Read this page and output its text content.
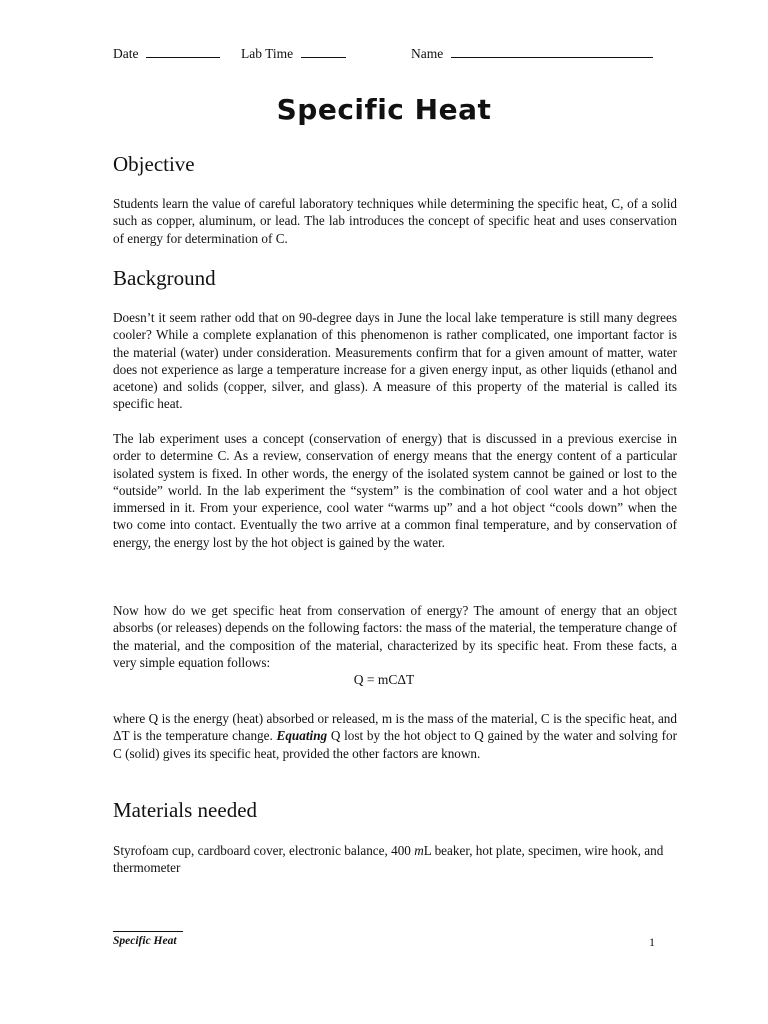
Date	Lab Time	Name
Specific Heat
Objective

Students learn the value of careful laboratory techniques while determining the specific heat, C, of a solid such as copper, aluminum, or lead. The lab introduces the concept of specific heat and uses conservation of energy for determination of C.

Background

Doesn’t it seem rather odd that on 90-degree days in June the local lake temperature is still many degrees cooler? While a complete explanation of this phenomenon is rather complicated, one important factor is the material (water) under consideration. Measurements confirm that for a given amount of matter, water does not experience as large a temperature increase for a given energy input, as other liquids (ethanol and acetone) and solids (copper, silver, and glass). A measure of this property of the material is called its specific heat.

The lab experiment uses a concept (conservation of energy) that is discussed in a previous exercise in order to determine C. As a review, conservation of energy means that the energy content of a particular isolated system is fixed. In other words, the energy of the isolated system cannot be gained or lost to the “outside” world. In the lab experiment the “system” is the combination of cool water and a hot object immersed in it. From your experience, cool water “warms up” and a hot object “cools down” when the two come into contact. Eventually the two arrive at a common final temperature, and by conservation of energy, the energy lost by the hot object is gained by the water.

Now how do we get specific heat from conservation of energy? The amount of energy that an object absorbs (or releases) depends on the following factors: the mass of the material, the temperature change of the material, and the composition of the material, characterized by its specific heat. From these facts, a very simple equation follows:

Q = mCΔT

where Q is the energy (heat) absorbed or released, m is the mass of the material, C is the specific heat, and ΔT is the temperature change. Equating Q lost by the hot object to Q gained by the water and solving for C (solid) gives its specific heat, provided the other factors are known.

Materials needed

Styrofoam cup, cardboard cover, electronic balance, 400 mL beaker, hot plate, specimen, wire hook, and thermometer

Specific Heat	1
